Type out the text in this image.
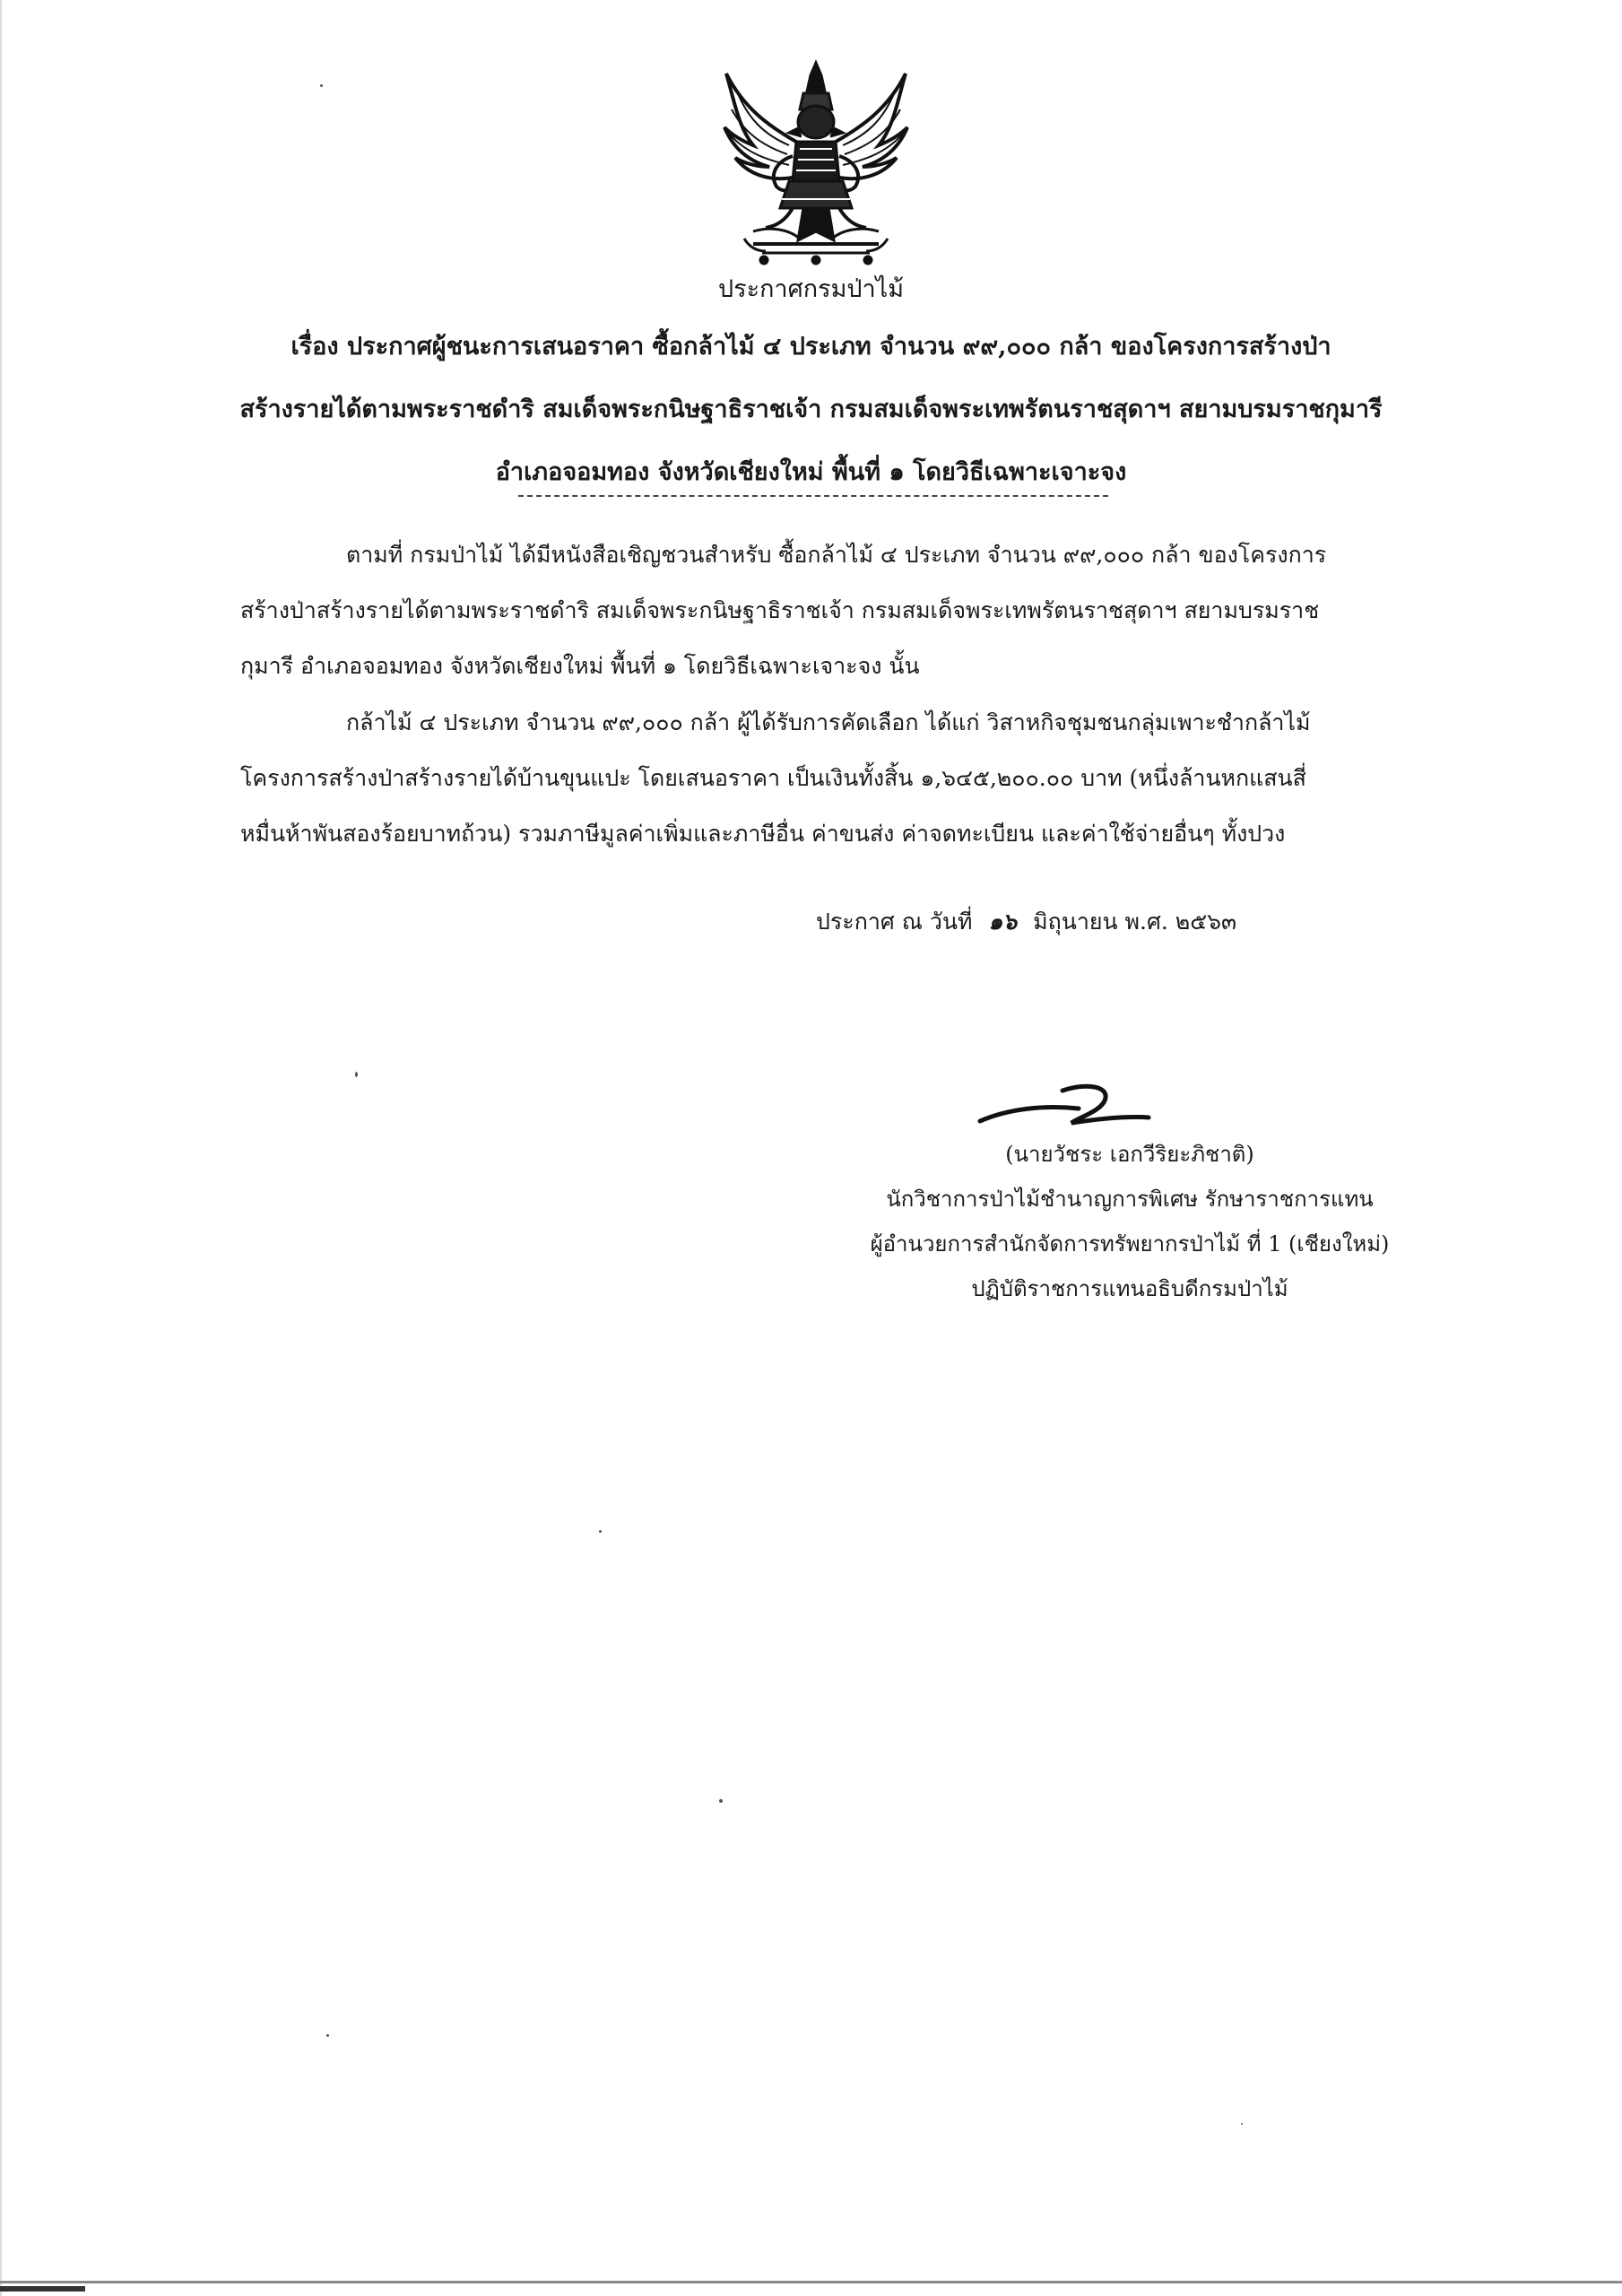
ประกาศกรมป่าไม้
เรื่อง ประกาศผู้ชนะการเสนอราคา ซื้อกล้าไม้ ๔ ประเภท จำนวน ๙๙,๐๐๐ กล้า ของโครงการสร้างป่า
สร้างรายได้ตามพระราชดำริ สมเด็จพระกนิษฐาธิราชเจ้า กรมสมเด็จพระเทพรัตนราชสุดาฯ สยามบรมราชกุมารี
อำเภอจอมทอง จังหวัดเชียงใหม่ พื้นที่ ๑ โดยวิธีเฉพาะเจาะจง
ตามที่ กรมป่าไม้ ได้มีหนังสือเชิญชวนสำหรับ ซื้อกล้าไม้ ๔ ประเภท จำนวน ๙๙,๐๐๐ กล้า ของโครงการ
สร้างป่าสร้างรายได้ตามพระราชดำริ สมเด็จพระกนิษฐาธิราชเจ้า กรมสมเด็จพระเทพรัตนราชสุดาฯ สยามบรมราช
กุมารี อำเภอจอมทอง จังหวัดเชียงใหม่ พื้นที่ ๑ โดยวิธีเฉพาะเจาะจง นั้น
กล้าไม้ ๔ ประเภท จำนวน ๙๙,๐๐๐ กล้า ผู้ได้รับการคัดเลือก ได้แก่ วิสาหกิจชุมชนกลุ่มเพาะชำกล้าไม้
โครงการสร้างป่าสร้างรายได้บ้านขุนแปะ โดยเสนอราคา เป็นเงินทั้งสิ้น ๑,๖๔๕,๒๐๐.๐๐ บาท (หนึ่งล้านหกแสนสี่
หมื่นห้าพันสองร้อยบาทถ้วน) รวมภาษีมูลค่าเพิ่มและภาษีอื่น ค่าขนส่ง ค่าจดทะเบียน และค่าใช้จ่ายอื่นๆ ทั้งปวง
ประกาศ ณ วันที่ ๑๖ มิถุนายน พ.ศ. ๒๕๖๓
(นายวัชระ เอกวีริยะภิชาติ)
นักวิชาการป่าไม้ชำนาญการพิเศษ รักษาราชการแทน
ผู้อำนวยการสำนักจัดการทรัพยากรป่าไม้ ที่ 1 (เชียงใหม่)
ปฏิบัติราชการแทนอธิบดีกรมป่าไม้
